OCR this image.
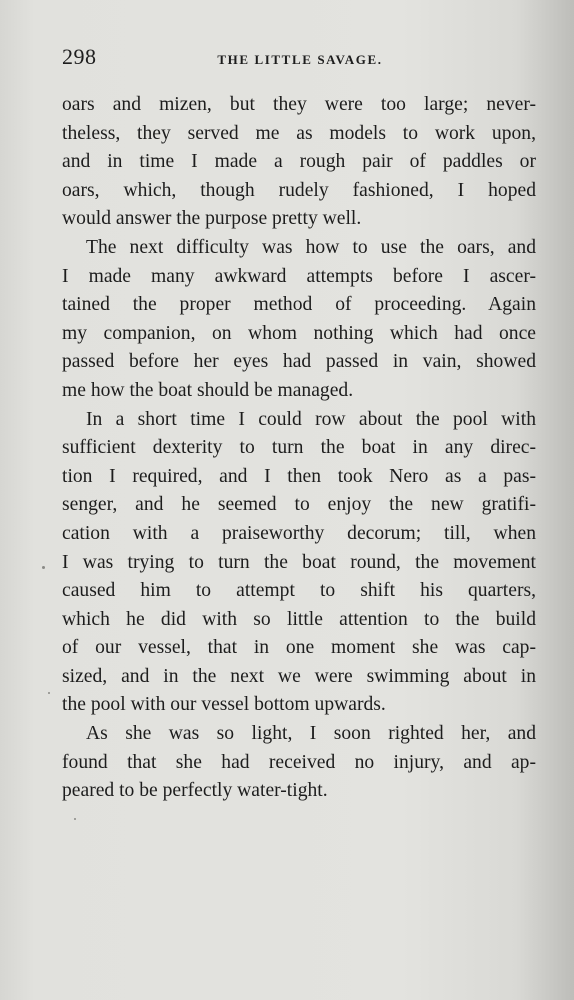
298	THE LITTLE SAVAGE.
oars and mizen, but they were too large; never-
theless, they served me as models to work upon,
and in time I made a rough pair of paddles or
oars, which, though rudely fashioned, I hoped
would answer the purpose pretty well.
The next difficulty was how to use the oars, and
I made many awkward attempts before I ascer-
tained the proper method of proceeding. Again
my companion, on whom nothing which had once
passed before her eyes had passed in vain, showed
me how the boat should be managed.
In a short time I could row about the pool with
sufficient dexterity to turn the boat in any direc-
tion I required, and I then took Nero as a pas-
senger, and he seemed to enjoy the new gratifi-
cation with a praiseworthy decorum; till, when
I was trying to turn the boat round, the movement
caused him to attempt to shift his quarters,
which he did with so little attention to the build
of our vessel, that in one moment she was cap-
sized, and in the next we were swimming about in
the pool with our vessel bottom upwards.
As she was so light, I soon righted her, and
found that she had received no injury, and ap-
peared to be perfectly water-tight.
